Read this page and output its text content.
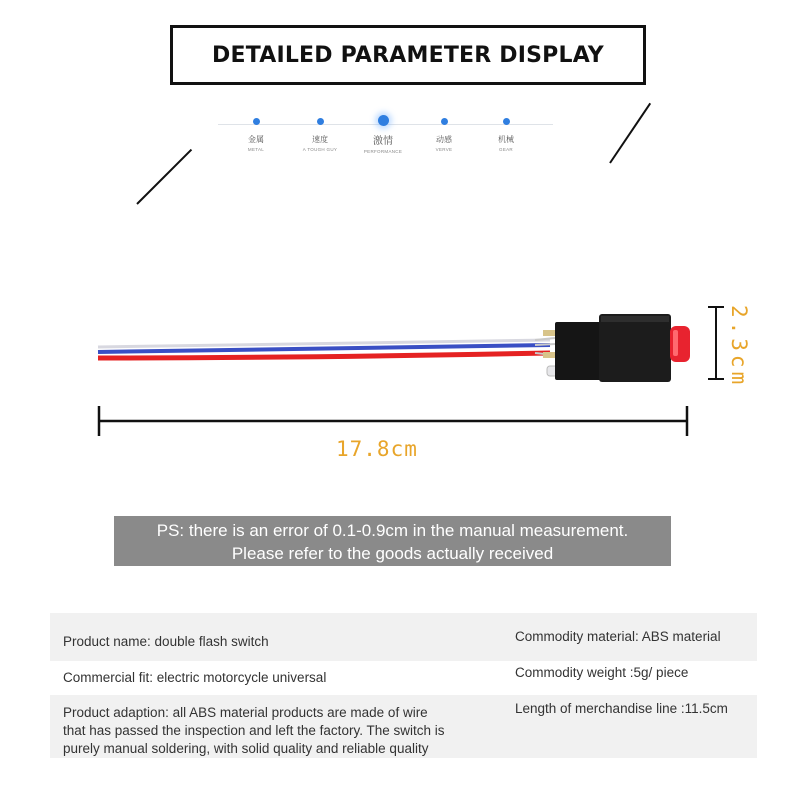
DETAILED PARAMETER DISPLAY
金属
METAL
速度
A TOUGH GUY
激情
PERFORMANCE
动感
VERVE
机械
GEAR
2.3cm
17.8cm
PS: there is an error of 0.1-0.9cm in the manual measurement.
Please refer to the goods actually received
Product name: double flash switch
Commercial fit: electric motorcycle universal
Product adaption: all ABS material products are made of wire
that has passed the inspection and left the factory. The switch is
purely manual soldering, with solid quality and reliable quality
Commodity material: ABS material
Commodity weight :5g/ piece
Length of merchandise line :11.5cm
